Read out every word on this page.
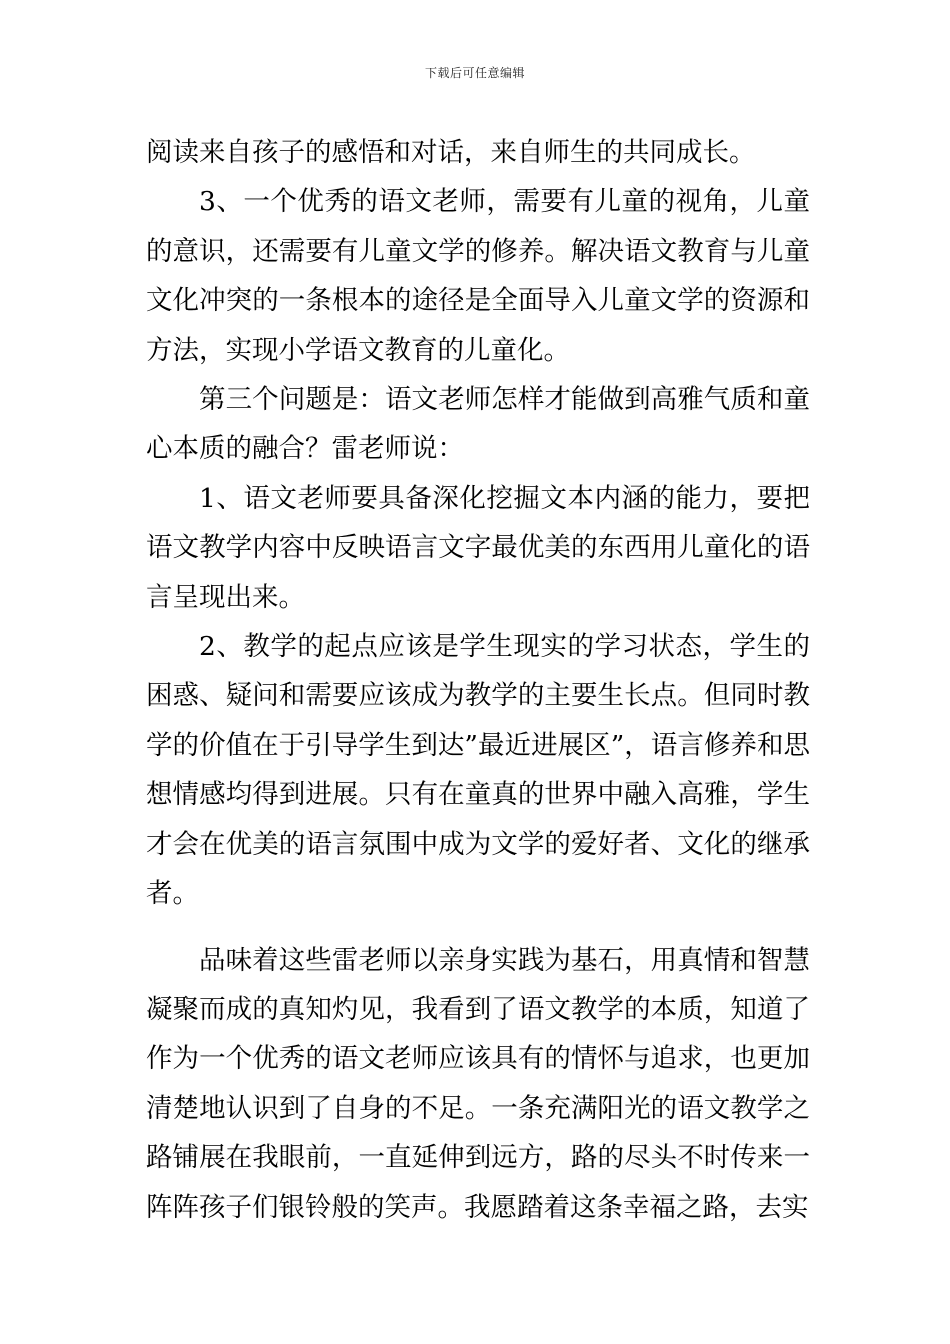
下载后可任意编辑

阅读来自孩子的感悟和对话，来自师生的共同成长。

3、一个优秀的语文老师，需要有儿童的视角，儿童的意识，还需要有儿童文学的修养。解决语文教育与儿童文化冲突的一条根本的途径是全面导入儿童文学的资源和方法，实现小学语文教育的儿童化。

第三个问题是：语文老师怎样才能做到高雅气质和童心本质的融合？雷老师说：

1、语文老师要具备深化挖掘文本内涵的能力，要把语文教学内容中反映语言文字最优美的东西用儿童化的语言呈现出来。

2、教学的起点应该是学生现实的学习状态，学生的困惑、疑问和需要应该成为教学的主要生长点。但同时教学的价值在于引导学生到达”最近进展区”，语言修养和思想情感均得到进展。只有在童真的世界中融入高雅，学生才会在优美的语言氛围中成为文学的爱好者、文化的继承者。

品味着这些雷老师以亲身实践为基石，用真情和智慧凝聚而成的真知灼见，我看到了语文教学的本质，知道了作为一个优秀的语文老师应该具有的情怀与追求，也更加清楚地认识到了自身的不足。一条充满阳光的语文教学之路铺展在我眼前，一直延伸到远方，路的尽头不时传来一阵阵孩子们银铃般的笑声。我愿踏着这条幸福之路，去实
